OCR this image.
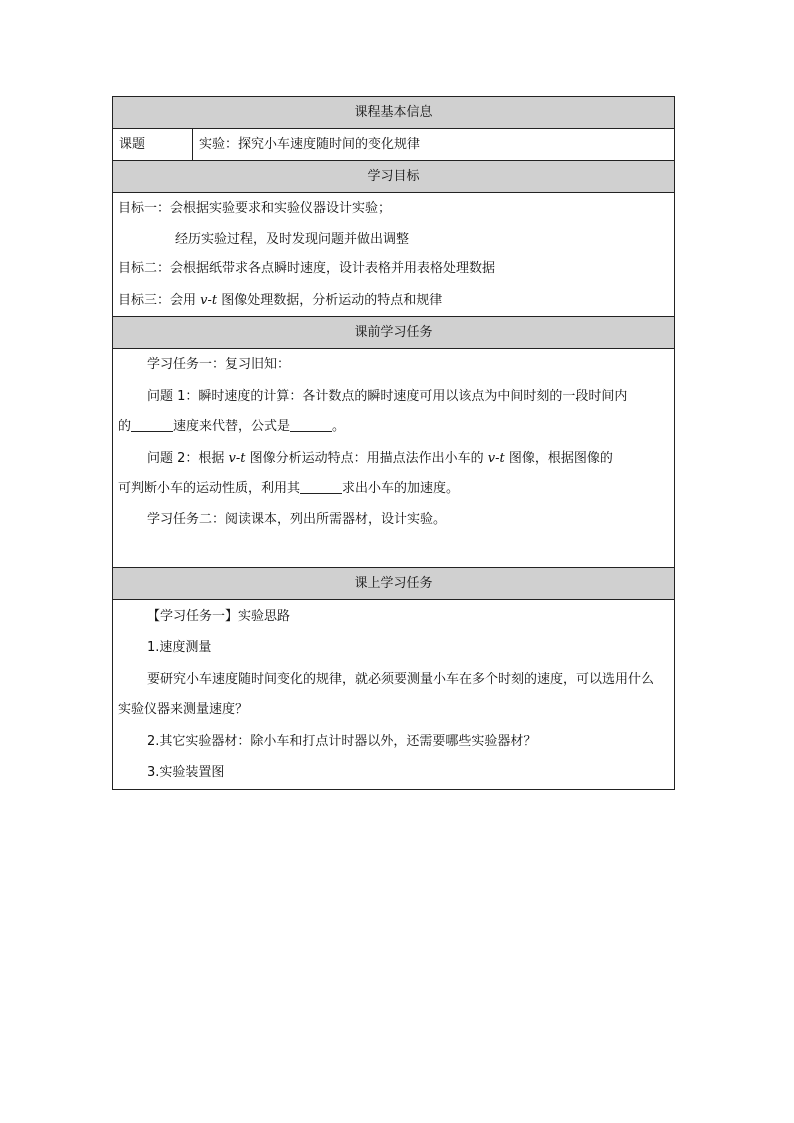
课程基本信息
课题	实验：探究小车速度随时间的变化规律
学习目标
目标一：会根据实验要求和实验仪器设计实验；
经历实验过程，及时发现问题并做出调整
目标二：会根据纸带求各点瞬时速度，设计表格并用表格处理数据
目标三：会用 v-t 图像处理数据，分析运动的特点和规律
课前学习任务
学习任务一：复习旧知：
问题 1：瞬时速度的计算：各计数点的瞬时速度可用以该点为中间时刻的一段时间内
的	速度来代替，公式是	。
问题 2：根据 v-t 图像分析运动特点：用描点法作出小车的 v-t 图像，根据图像的
可判断小车的运动性质，利用其	求出小车的加速度。
学习任务二：阅读课本，列出所需器材，设计实验。
课上学习任务
【学习任务一】实验思路
1.速度测量
要研究小车速度随时间变化的规律，就必须要测量小车在多个时刻的速度，可以选用什么
实验仪器来测量速度？
2.其它实验器材：除小车和打点计时器以外，还需要哪些实验器材？
3.实验装置图
